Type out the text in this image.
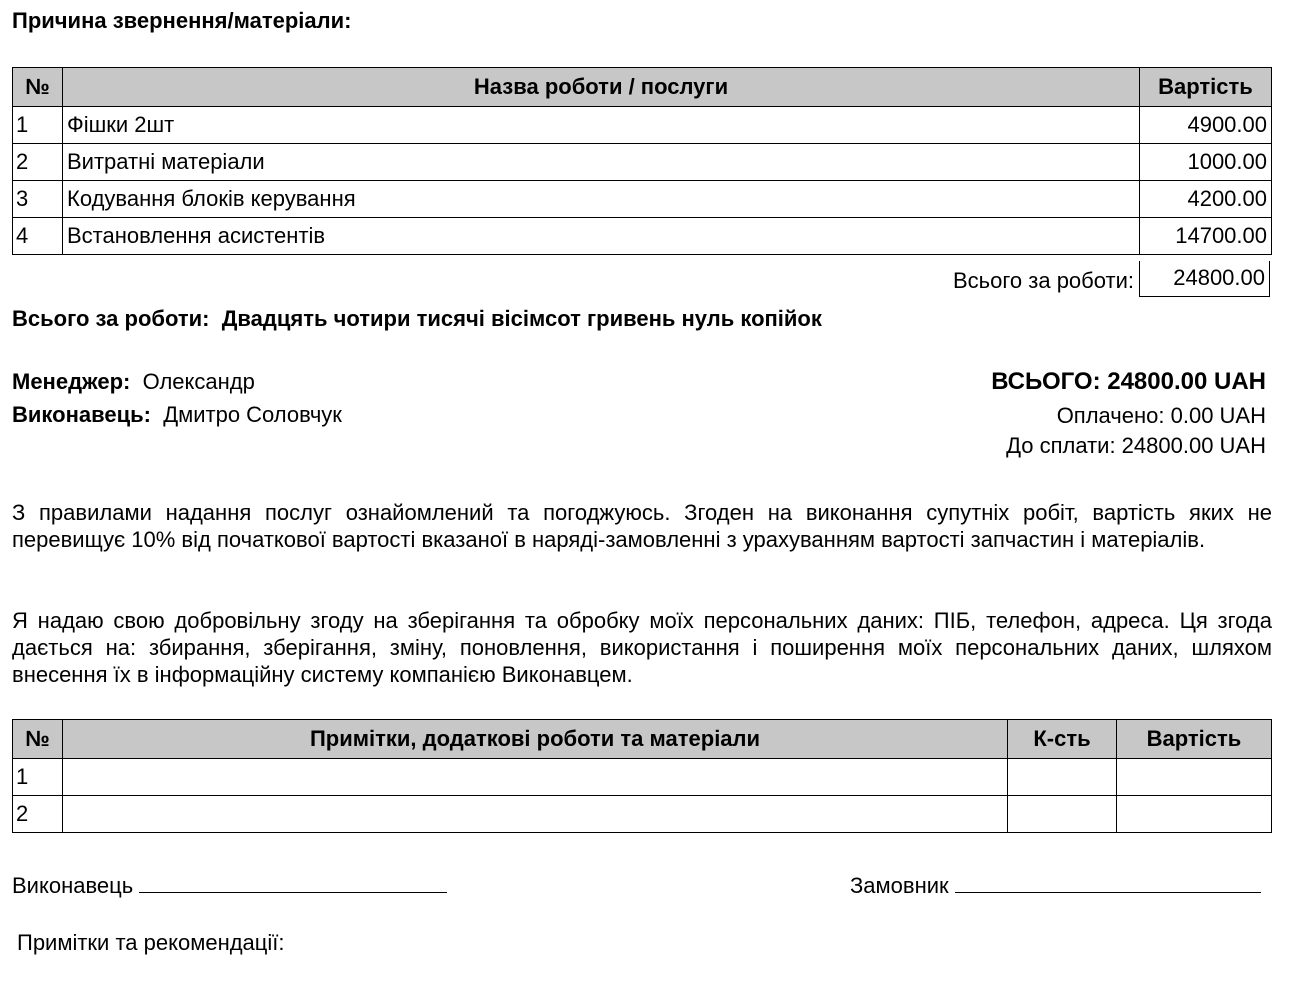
Причина звернення/матеріали:
№	Назва роботи / послуги	Вартість
1	Фішки 2шт	4900.00
2	Витратні матеріали	1000.00
3	Кодування блоків керування	4200.00
4	Встановлення асистентів	14700.00
Всього за роботи:	24800.00
Всього за роботи: Двадцять чотири тисячі вісімсот гривень нуль копійок
Менеджер: Олександр
Виконавець: Дмитро Соловчук
ВСЬОГО: 24800.00 UAH
Оплачено: 0.00 UAH
До сплати: 24800.00 UAH
З правилами надання послуг ознайомлений та погоджуюсь. Згоден на виконання супутніх робіт, вартість яких не перевищує 10% від початкової вартості вказаної в наряді-замовленні з урахуванням вартості запчастин і матеріалів.
Я надаю свою добровільну згоду на зберігання та обробку моїх персональних даних: ПІБ, телефон, адреса. Ця згода дається на: збирання, зберігання, зміну, поновлення, використання і поширення моїх персональних даних, шляхом внесення їх в інформаційну систему компанією Виконавцем.
№	Примітки, додаткові роботи та матеріали	К-сть	Вартість
1			
2			
Виконавець	Замовник
Примітки та рекомендації:
